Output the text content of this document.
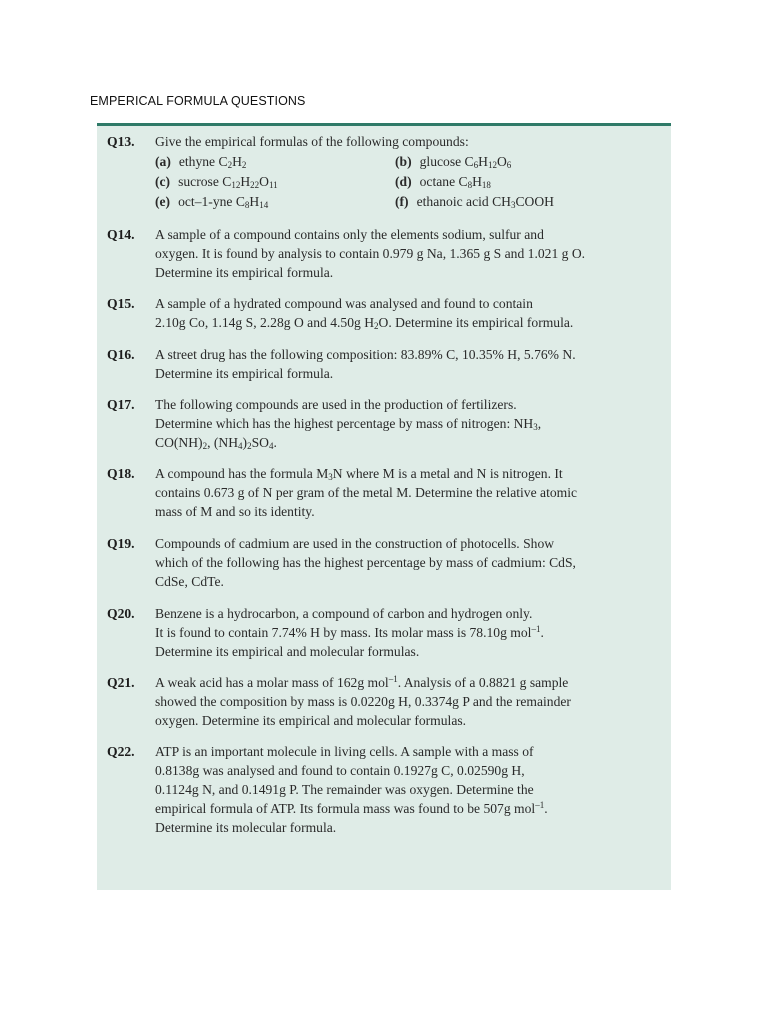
EMPERICAL FORMULA QUESTIONS
Q13.	Give the empirical formulas of the following compounds:
(a) ethyne $C_2H_2$	(b) glucose $C_6H_{12}O_6$
(c) sucrose $C_{12}H_{22}O_{11}$	(d) octane $C_8H_{18}$
(e) oct–1-yne $C_8H_{14}$	(f) ethanoic acid $CH_3COOH$
Q14.	A sample of a compound contains only the elements sodium, sulfur and
oxygen. It is found by analysis to contain 0.979 g Na, 1.365 g S and 1.021 g O.
Determine its empirical formula.
Q15.	A sample of a hydrated compound was analysed and found to contain
2.10g Co, 1.14g S, 2.28g O and 4.50g $H_2O$. Determine its empirical formula.
Q16.	A street drug has the following composition: 83.89% C, 10.35% H, 5.76% N.
Determine its empirical formula.
Q17.	The following compounds are used in the production of fertilizers.
Determine which has the highest percentage by mass of nitrogen: $NH_3$,
$CO(NH)_2$, $(NH_4)_2SO_4$.
Q18.	A compound has the formula $M_3N$ where M is a metal and N is nitrogen. It
contains 0.673 g of N per gram of the metal M. Determine the relative atomic
mass of M and so its identity.
Q19.	Compounds of cadmium are used in the construction of photocells. Show
which of the following has the highest percentage by mass of cadmium: CdS,
CdSe, CdTe.
Q20.	Benzene is a hydrocarbon, a compound of carbon and hydrogen only.
It is found to contain 7.74% H by mass. Its molar mass is 78.10g mol$^{-1}$.
Determine its empirical and molecular formulas.
Q21.	A weak acid has a molar mass of 162g mol$^{-1}$. Analysis of a 0.8821 g sample
showed the composition by mass is 0.0220g H, 0.3374g P and the remainder
oxygen. Determine its empirical and molecular formulas.
Q22.	ATP is an important molecule in living cells. A sample with a mass of
0.8138g was analysed and found to contain 0.1927g C, 0.02590g H,
0.1124g N, and 0.1491g P. The remainder was oxygen. Determine the
empirical formula of ATP. Its formula mass was found to be 507g mol$^{-1}$.
Determine its molecular formula.
